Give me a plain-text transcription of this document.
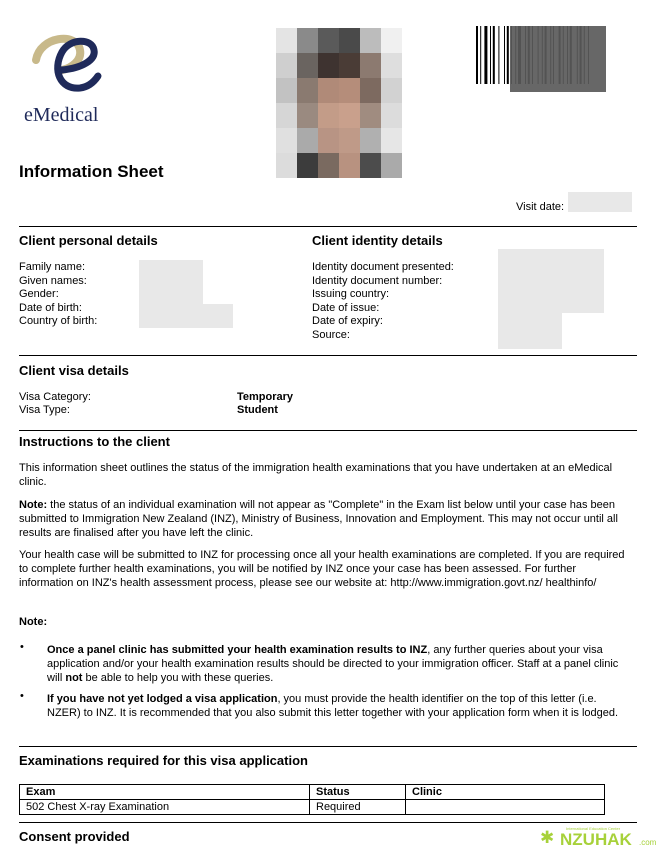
eMedical
Information Sheet
Visit date:
Client personal details
Family name:
Given names:
Gender:
Date of birth:
Country of birth:
Client identity details
Identity document presented:
Identity document number:
Issuing country:
Date of issue:
Date of expiry:
Source:
Client visa details
Visa Category:	Temporary
Visa Type:	Student
Instructions to the client

This information sheet outlines the status of the immigration health examinations that you have undertaken at an eMedical clinic.

Note: the status of an individual examination will not appear as "Complete" in the Exam list below until your case has been submitted to Immigration New Zealand (INZ), Ministry of Business, Innovation and Employment. This may not occur until all results are finalised after you have left the clinic.

Your health case will be submitted to INZ for processing once all your health examinations are completed. If you are required to complete further health examinations, you will be notified by INZ once your case has been assessed. For further information on INZ's health assessment process, please see our website at: http://www.immigration.govt.nz/ healthinfo/

Note:
• Once a panel clinic has submitted your health examination results to INZ, any further queries about your visa application and/or your health examination results should be directed to your immigration officer. Staff at a panel clinic will not be able to help you with these queries.

• If you have not yet lodged a visa application, you must provide the health identifier on the top of this letter (i.e. NZER) to INZ. It is recommended that you also submit this letter together with your application form when it is lodged.

Examinations required for this visa application
Exam	Status	Clinic
502 Chest X-ray Examination	Required	
Consent provided	✱	International Education Center
NZUHAK .com
